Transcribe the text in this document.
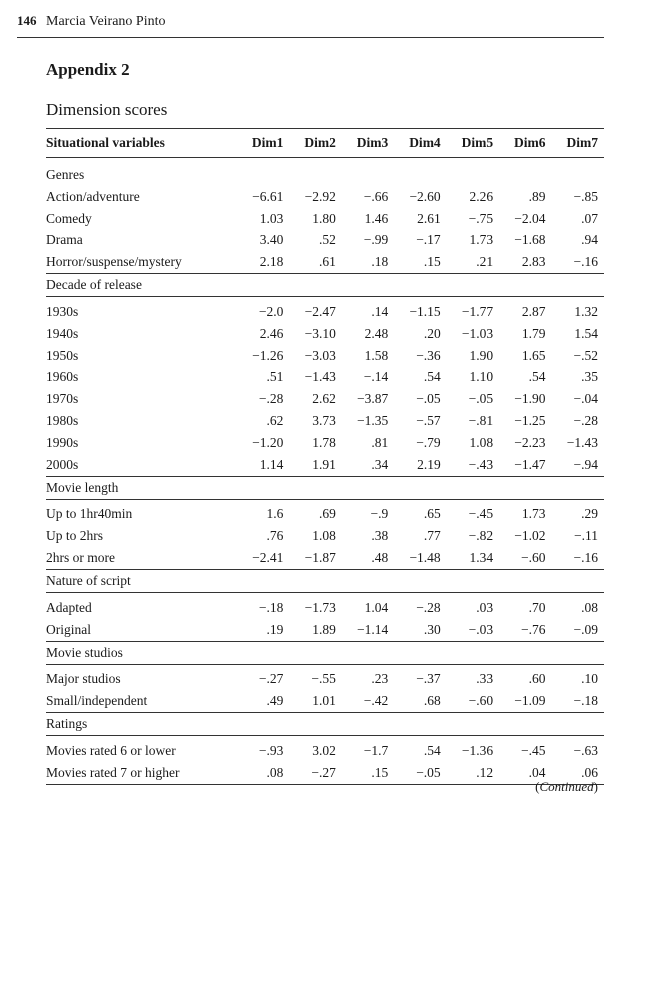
146 Marcia Veirano Pinto
Appendix 2
Dimension scores
Situational variables	Dim1	Dim2	Dim3	Dim4	Dim5	Dim6	Dim7
Genres							
Action/adventure	−6.61	−2.92	−.66	−2.60	2.26	.89	−.85
Comedy	1.03	1.80	1.46	2.61	−.75	−2.04	.07
Drama	3.40	.52	−.99	−.17	1.73	−1.68	.94
Horror/suspense/mystery	2.18	.61	.18	.15	.21	2.83	−.16
Decade of release							
1930s	−2.0	−2.47	.14	−1.15	−1.77	2.87	1.32
1940s	2.46	−3.10	2.48	.20	−1.03	1.79	1.54
1950s	−1.26	−3.03	1.58	−.36	1.90	1.65	−.52
1960s	.51	−1.43	−.14	.54	1.10	.54	.35
1970s	−.28	2.62	−3.87	−.05	−.05	−1.90	−.04
1980s	.62	3.73	−1.35	−.57	−.81	−1.25	−.28
1990s	−1.20	1.78	.81	−.79	1.08	−2.23	−1.43
2000s	1.14	1.91	.34	2.19	−.43	−1.47	−.94
Movie length							
Up to 1hr40min	1.6	.69	−.9	.65	−.45	1.73	.29
Up to 2hrs	.76	1.08	.38	.77	−.82	−1.02	−.11
2hrs or more	−2.41	−1.87	.48	−1.48	1.34	−.60	−.16
Nature of script							
Adapted	−.18	−1.73	1.04	−.28	.03	.70	.08
Original	.19	1.89	−1.14	.30	−.03	−.76	−.09
Movie studios							
Major studios	−.27	−.55	.23	−.37	.33	.60	.10
Small/independent	.49	1.01	−.42	.68	−.60	−1.09	−.18
Ratings							
Movies rated 6 or lower	−.93	3.02	−1.7	.54	−1.36	−.45	−.63
Movies rated 7 or higher	.08	−.27	.15	−.05	.12	.04	.06
(Continued)
